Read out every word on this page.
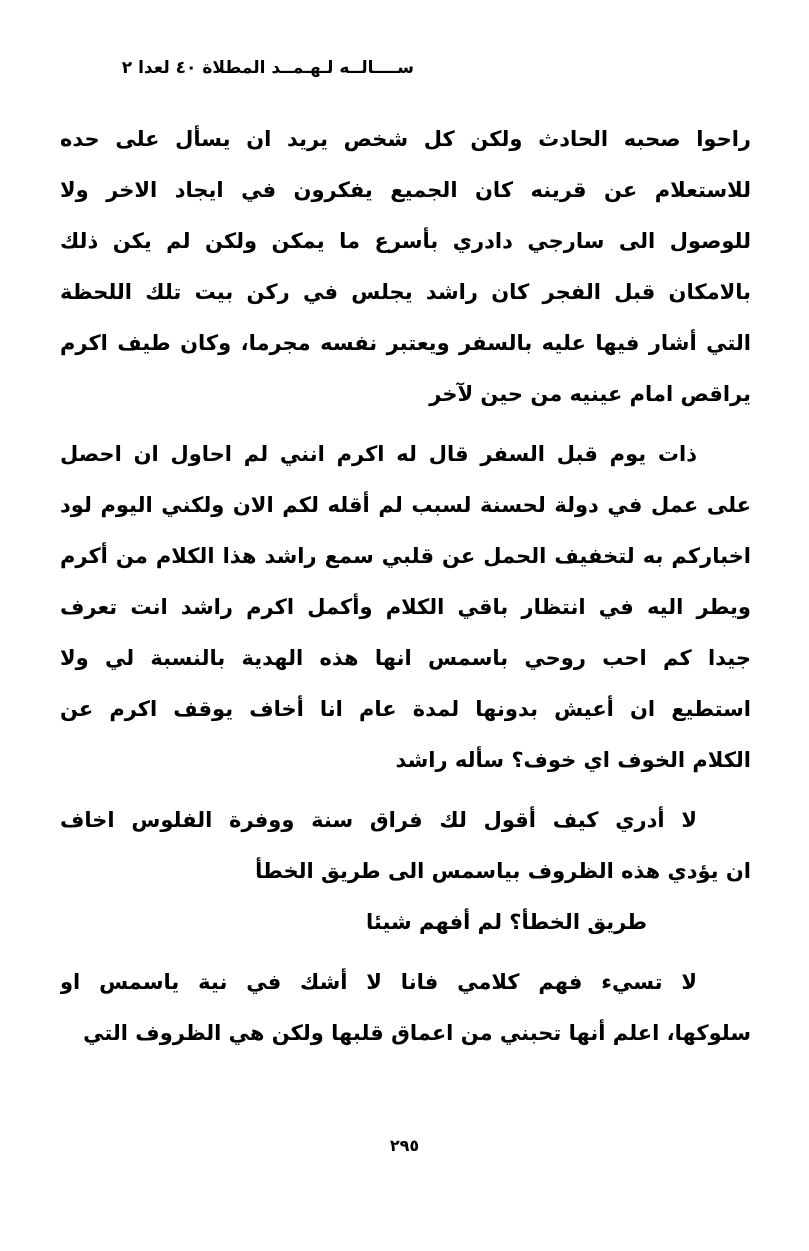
ســــالــه لـهـمــد المطلاة ٤٠ لعدا ٢

راحوا صحبه الحادث ولكن كل شخص يريد ان يسأل على حده
للاستعلام عن قرينه كان الجميع يفكرون في ايجاد الاخر ولا
للوصول الى سارجي دادري بأسرع ما يمكن ولكن لم يكن ذلك
بالامكان قبل الفجر كان راشد يجلس في ركن بيت تلك اللحظة
التي أشار فيها عليه بالسفر ويعتبر نفسه مجرما، وكان طيف اكرم
يراقص امام عينيه من حين لآخر

ذات يوم قبل السفر قال له اكرم انني لم احاول ان احصل
على عمل في دولة لحسنة لسبب لم أقله لكم الان ولكني اليوم لود
اخباركم به لتخفيف الحمل عن قلبي سمع راشد هذا الكلام من أكرم
ويطر اليه في انتظار باقي الكلام وأكمل اكرم راشد انت تعرف
جيدا كم احب روحي باسمس انها هذه الهدية بالنسبة لي ولا
استطيع ان أعيش بدونها لمدة عام انا أخاف يوقف اكرم عن
الكلام الخوف اي خوف؟ سأله راشد

لا أدري كيف أقول لك فراق سنة ووفرة الفلوس اخاف
ان يؤدي هذه الظروف بياسمس الى طريق الخطأ

طريق الخطأ؟ لم أفهم شيئا

لا تسيء فهم كلامي فانا لا أشك في نية ياسمس او
سلوكها، اعلم أنها تحبني من اعماق قلبها ولكن هي الظروف التي

٢٩٥
